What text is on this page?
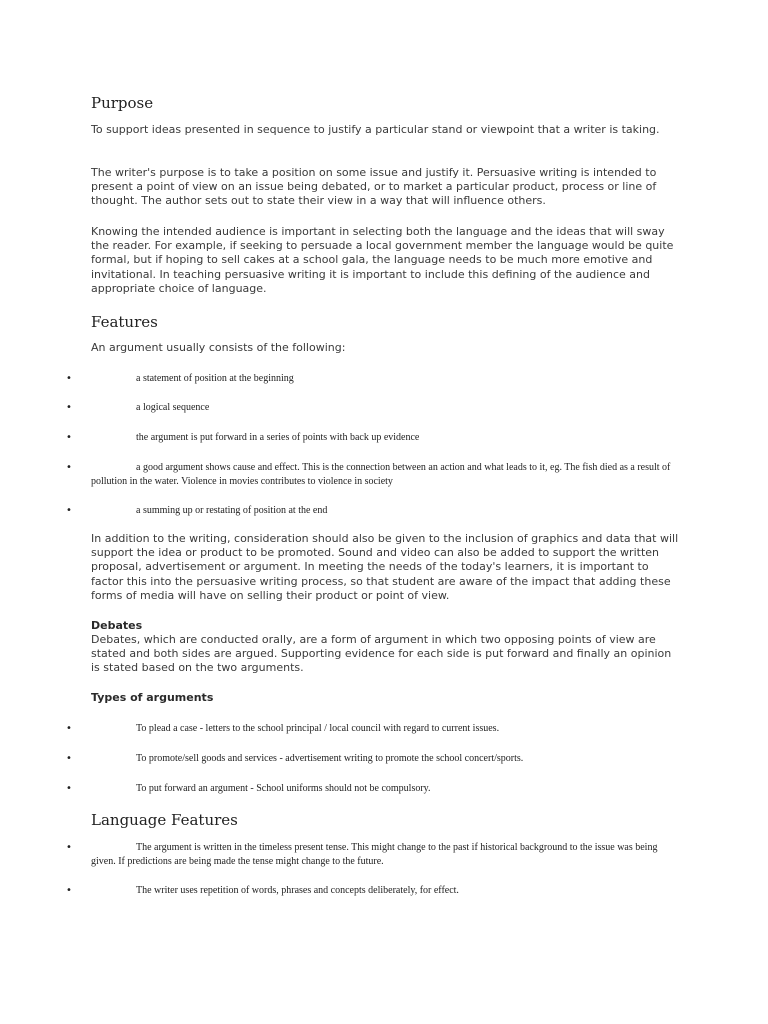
Purpose

To support ideas presented in sequence to justify a particular stand or viewpoint that a writer is taking.

The writer's purpose is to take a position on some issue and justify it. Persuasive writing is intended to present a point of view on an issue being debated, or to market a particular product, process or line of thought. The author sets out to state their view in a way that will influence others.

Knowing the intended audience is important in selecting both the language and the ideas that will sway the reader. For example, if seeking to persuade a local government member the language would be quite formal, but if hoping to sell cakes at a school gala, the language needs to be much more emotive and invitational. In teaching persuasive writing it is important to include this defining of the audience and appropriate choice of language.

Features

An argument usually consists of the following:

•	a statement of position at the beginning

•	a logical sequence

•	the argument is put forward in a series of points with back up evidence

•	a good argument shows cause and effect. This is the connection between an action and what leads to it, eg. The fish died as a result of pollution in the water. Violence in movies contributes to violence in society

•	a summing up or restating of position at the end

In addition to the writing, consideration should also be given to the inclusion of graphics and data that will support the idea or product to be promoted. Sound and video can also be added to support the written proposal, advertisement or argument. In meeting the needs of the today's learners, it is important to factor this into the persuasive writing process, so that student are aware of the impact that adding these forms of media will have on selling their product or point of view.

Debates

Debates, which are conducted orally, are a form of argument in which two opposing points of view are stated and both sides are argued. Supporting evidence for each side is put forward and finally an opinion is stated based on the two arguments.

Types of arguments
•	To plead a case - letters to the school principal / local council with regard to current issues.

•	To promote/sell goods and services - advertisement writing to promote the school concert/sports.

•	To put forward an argument - School uniforms should not be compulsory.

Language Features
•	The argument is written in the timeless present tense. This might change to the past if historical background to the issue was being given. If predictions are being made the tense might change to the future.

•	The writer uses repetition of words, phrases and concepts deliberately, for effect.
